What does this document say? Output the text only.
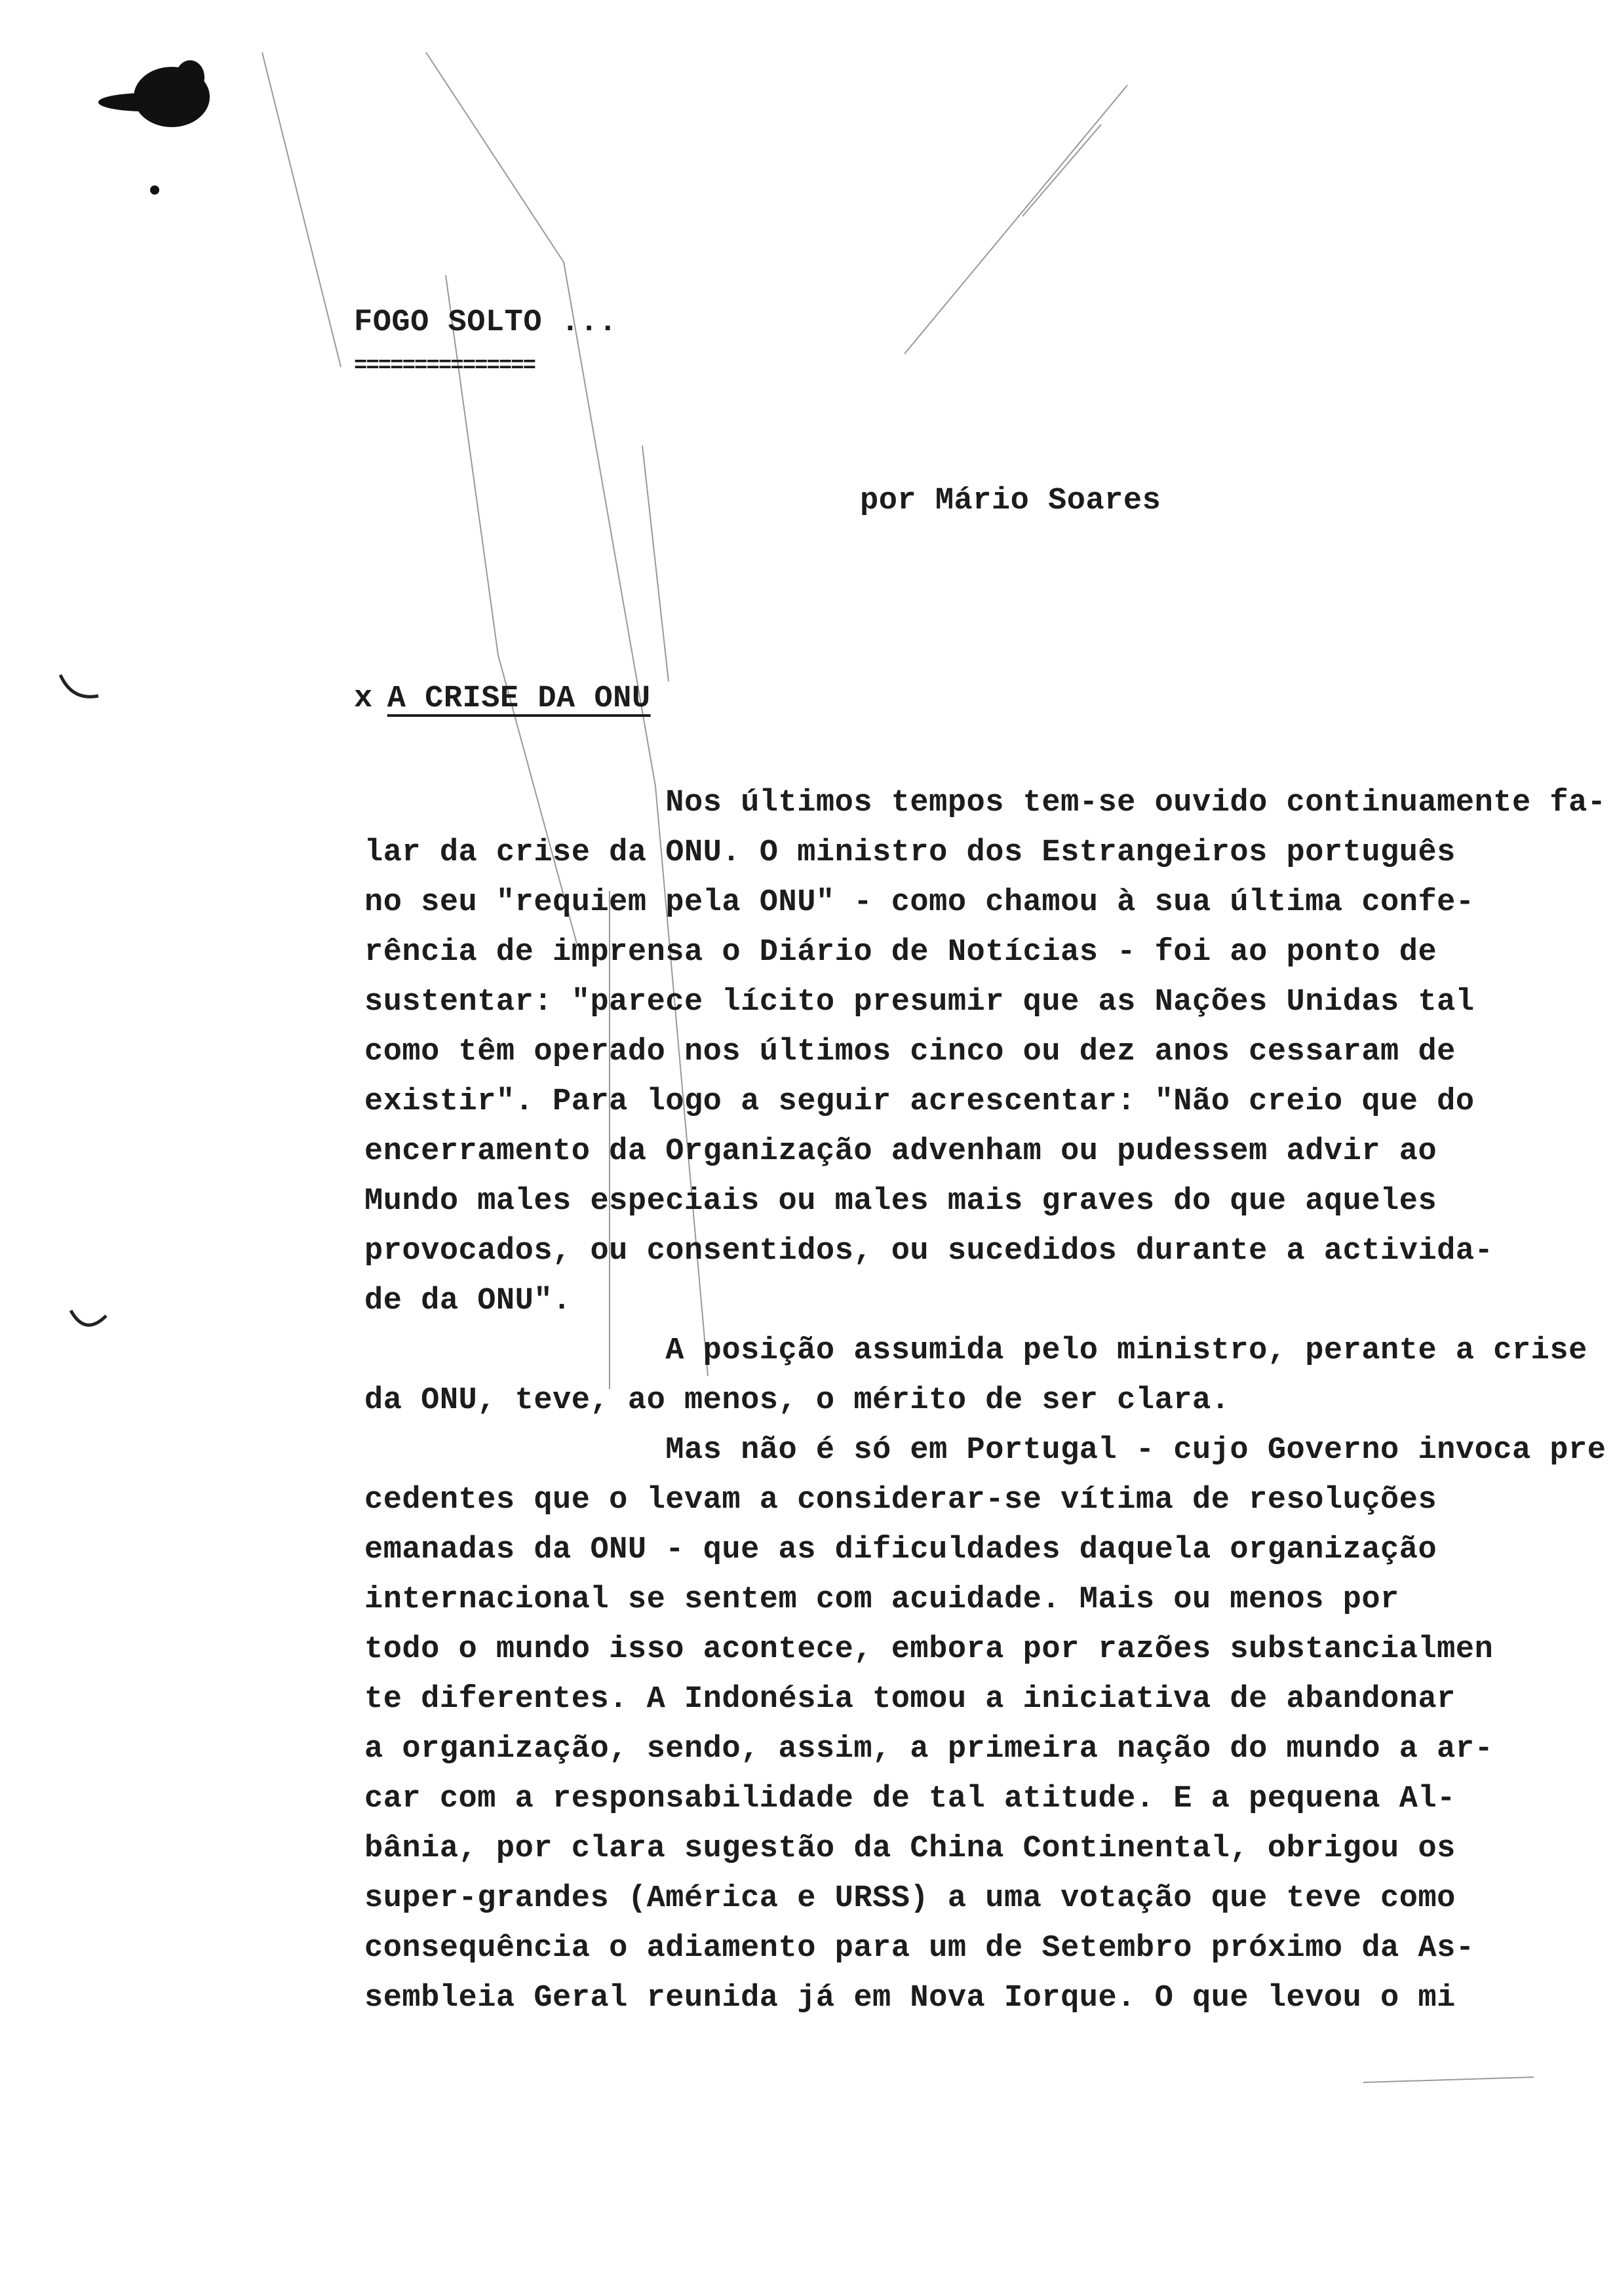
FOGO SOLTO ...
===============
por Mário Soares
x A CRISE DA ONU
Nos últimos tempos tem-se ouvido continuamente fa-
lar da crise da ONU. O ministro dos Estrangeiros português
no seu "requiem pela ONU" - como chamou à sua última confe-
rência de imprensa o Diário de Notícias - foi ao ponto de
sustentar: "parece lícito presumir que as Nações Unidas tal
como têm operado nos últimos cinco ou dez anos cessaram de
existir". Para logo a seguir acrescentar: "Não creio que do
encerramento da Organização advenham ou pudessem advir ao
Mundo males especiais ou males mais graves do que aqueles
provocados, ou consentidos, ou sucedidos durante a activida-
de da ONU".
A posição assumida pelo ministro, perante a crise
da ONU, teve, ao menos, o mérito de ser clara.
Mas não é só em Portugal - cujo Governo invoca pre
cedentes que o levam a considerar-se vítima de resoluções
emanadas da ONU - que as dificuldades daquela organização
internacional se sentem com acuidade. Mais ou menos por
todo o mundo isso acontece, embora por razões substancialmen
te diferentes. A Indonésia tomou a iniciativa de abandonar
a organização, sendo, assim, a primeira nação do mundo a ar-
car com a responsabilidade de tal atitude. E a pequena Al-
bânia, por clara sugestão da China Continental, obrigou os
super-grandes (América e URSS) a uma votação que teve como
consequência o adiamento para um de Setembro próximo da As-
sembleia Geral reunida já em Nova Iorque. O que levou o mi
